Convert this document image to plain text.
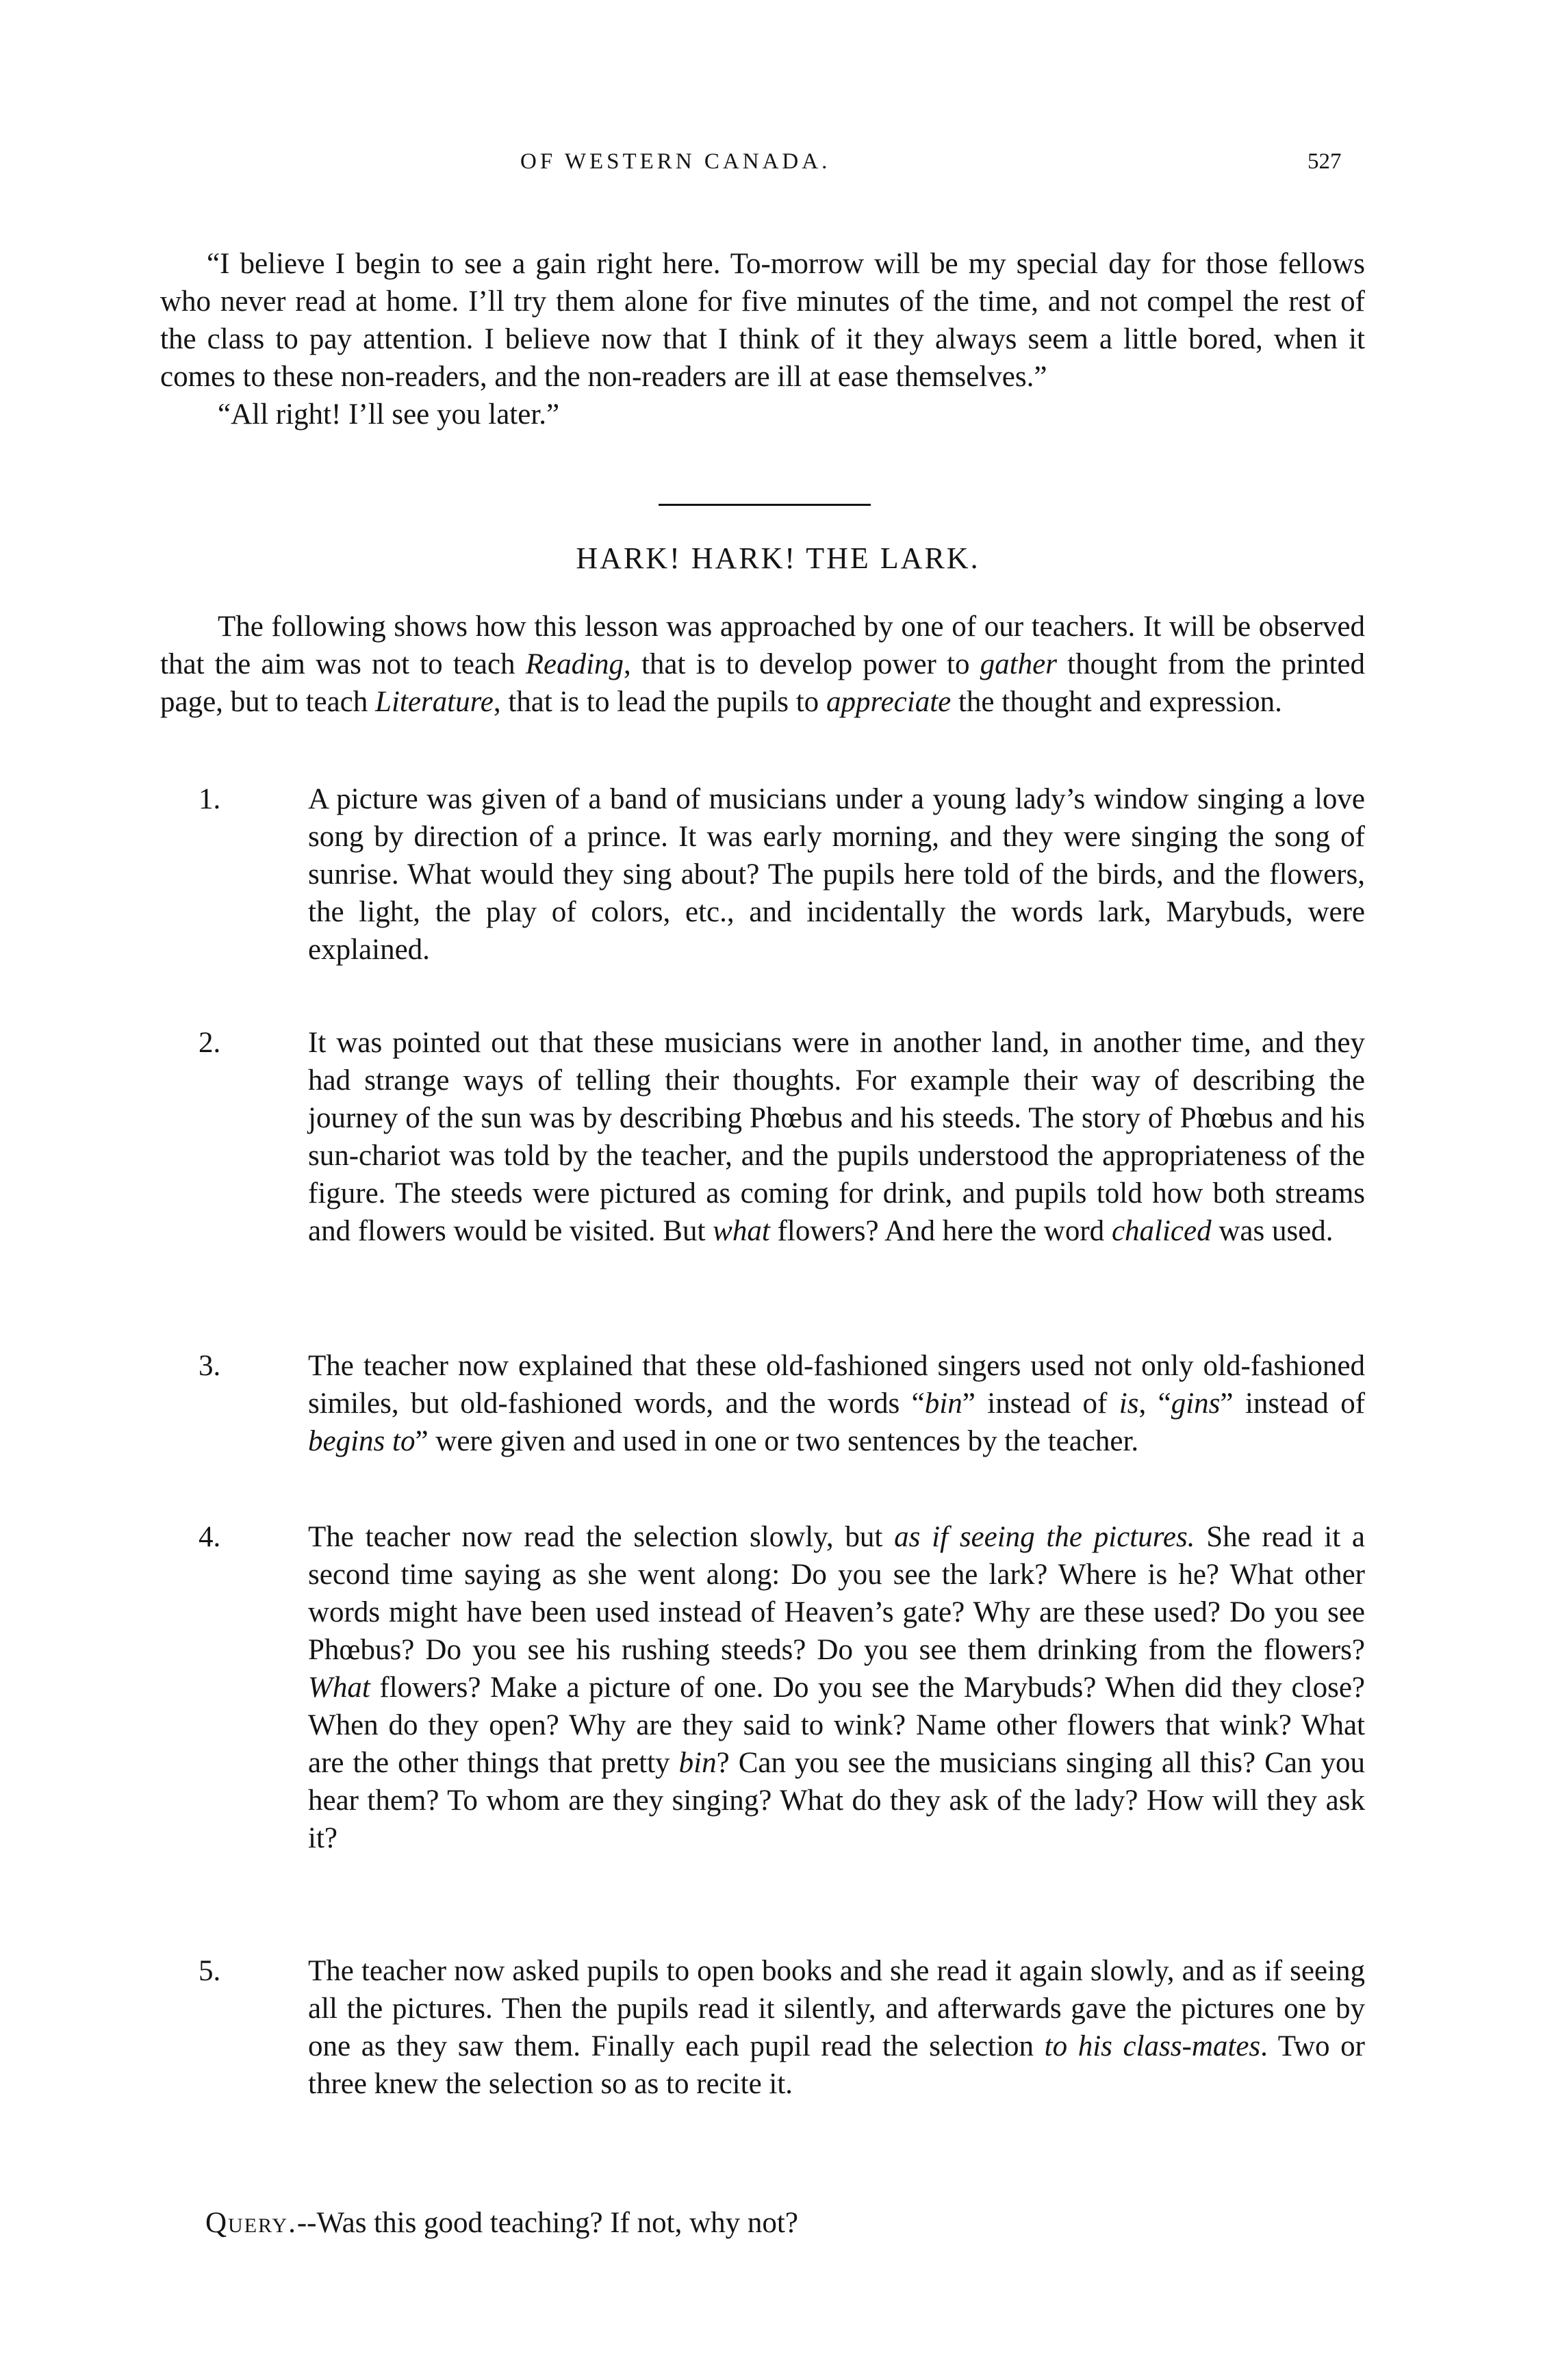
OF WESTERN CANADA.	527

“I believe I begin to see a gain right here. To-morrow will be my special day for those fellows who never read at home. I’ll try them alone for five minutes of the time, and not compel the rest of the class to pay attention. I believe now that I think of it they always seem a little bored, when it comes to these non-readers, and the non-readers are ill at ease themselves.”

“All right! I’ll see you later.”

HARK! HARK! THE LARK.

The following shows how this lesson was approached by one of our teachers. It will be observed that the aim was not to teach Reading, that is to develop power to gather thought from the printed page, but to teach Literature, that is to lead the pupils to appreciate the thought and expression.

1.	A picture was given of a band of musicians under a young lady’s window singing a love song by direction of a prince. It was early morning, and they were singing the song of sunrise. What would they sing about? The pupils here told of the birds, and the flowers, the light, the play of colors, etc., and incidentally the words lark, Marybuds, were explained.
2.	It was pointed out that these musicians were in another land, in another time, and they had strange ways of telling their thoughts. For example their way of describing the journey of the sun was by describing Phœbus and his steeds. The story of Phœbus and his sun-chariot was told by the teacher, and the pupils understood the appropriateness of the figure. The steeds were pictured as coming for drink, and pupils told how both streams and flowers would be visited. But what flowers? And here the word chaliced was used.
3.	The teacher now explained that these old-fashioned singers used not only old-fashioned similes, but old-fashioned words, and the words “bin” instead of is, “gins” instead of begins to” were given and used in one or two sentences by the teacher.
4.	The teacher now read the selection slowly, but as if seeing the pictures. She read it a second time saying as she went along: Do you see the lark? Where is he? What other words might have been used instead of Heaven’s gate? Why are these used? Do you see Phœbus? Do you see his rushing steeds? Do you see them drinking from the flowers? What flowers? Make a picture of one. Do you see the Marybuds? When did they close? When do they open? Why are they said to wink? Name other flowers that wink? What are the other things that pretty bin? Can you see the musicians singing all this? Can you hear them? To whom are they singing? What do they ask of the lady? How will they ask it?
5.	The teacher now asked pupils to open books and she read it again slowly, and as if seeing all the pictures. Then the pupils read it silently, and afterwards gave the pictures one by one as they saw them. Finally each pupil read the selection to his class-mates. Two or three knew the selection so as to recite it.
Query.--Was this good teaching? If not, why not?
